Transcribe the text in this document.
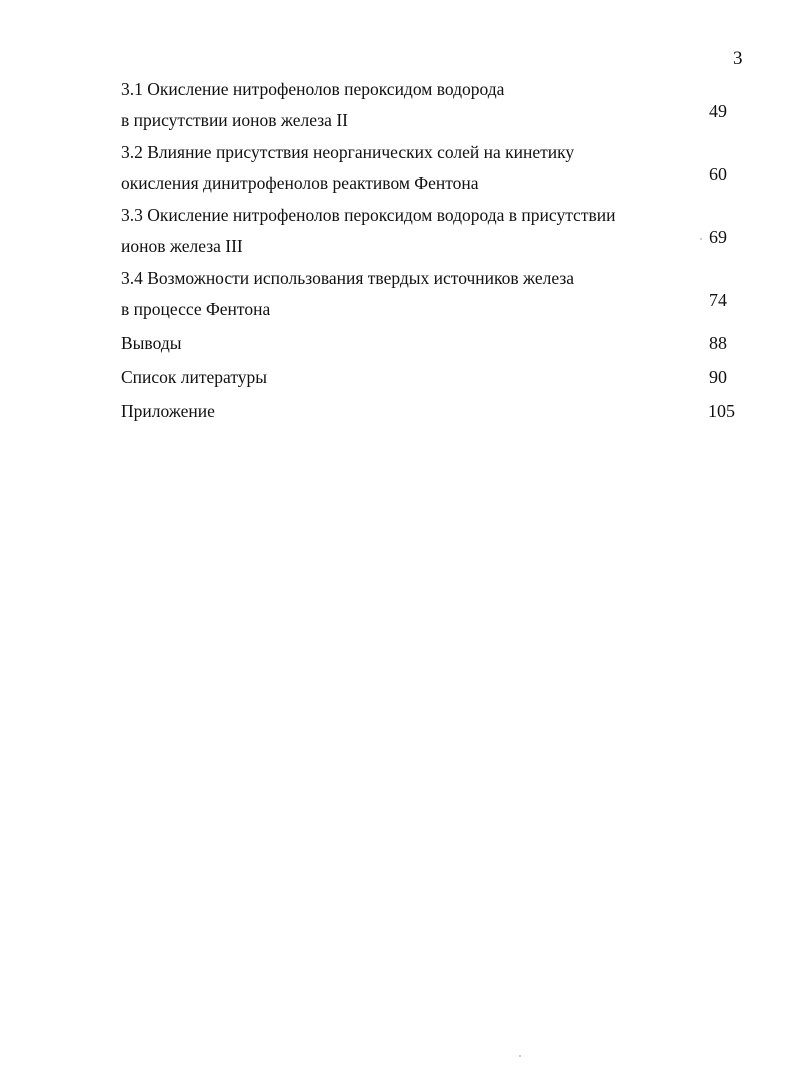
3
3.1 Окисление нитрофенолов пероксидом водорода
в присутствии ионов железа II	49
3.2 Влияние присутствия неорганических солей на кинетику
окисления динитрофенолов реактивом Фентона	60
3.3 Окисление нитрофенолов пероксидом водорода в присутствии
ионов железа III	69
3.4 Возможности использования твердых источников железа
в процессе Фентона	74
Выводы	88
Список литературы	90
Приложение	105
